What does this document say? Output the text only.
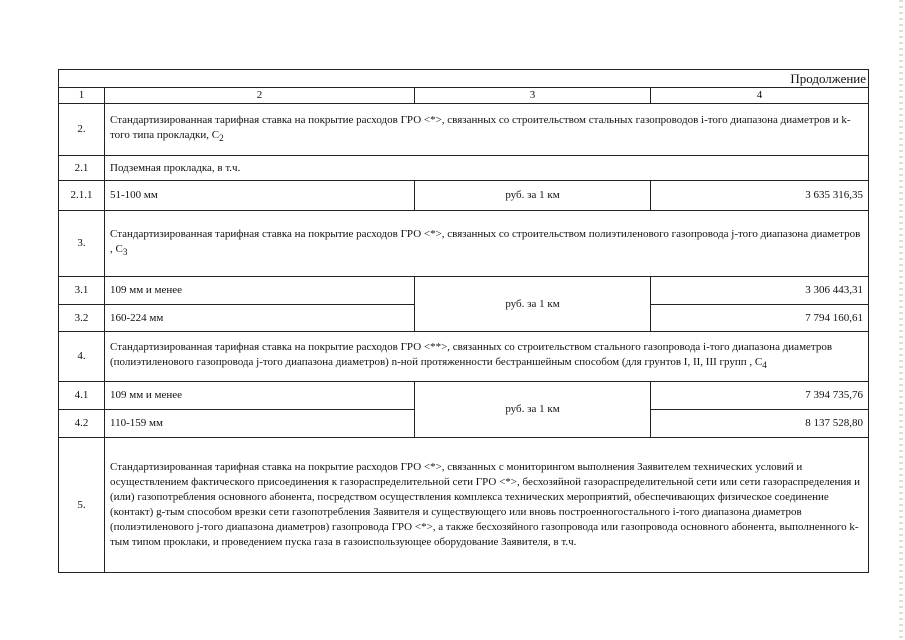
Продолжение			
1	2	3	4
2.	Стандартизированная тарифная ставка на покрытие расходов ГРО <*>, связанных со строительством стальных газопроводов i-того диапазона диаметров и k-того типа прокладки, $C_2$
2.1	Подземная прокладка, в т.ч.		
2.1.1	51-100 мм	руб. за 1 км	3 635 316,35
3.	Стандартизированная тарифная ставка на покрытие расходов ГРО <*>, связанных со строительством полиэтиленового газопровода j-того диапазона диаметров , $C_3$
3.1	109 мм и менее	руб. за 1 км	3 306 443,31
3.2	160-224 мм		7 794 160,61
4.	Стандартизированная тарифная ставка на покрытие расходов ГРО <**>, связанных со строительством стального газопровода i-того диапазона диаметров (полиэтиленового газопровода j-того диапазона диаметров) n-ной протяженности бестраншейным способом (для грунтов I, II, III групп , $C_4$
4.1	109 мм и менее	руб. за 1 км	7 394 735,76
4.2	110-159 мм		8 137 528,80
5.	Стандартизированная тарифная ставка на покрытие расходов ГРО <*>, связанных с мониторингом выполнения Заявителем технических условий и осуществлением фактического присоединения к газораспределительной сети ГРО <*>, бесхозяйной газораспределительной сети или сети газораспределения и (или) газопотребления основного абонента, посредством осуществления комплекса технических мероприятий, обеспечивающих физическое соединение (контакт) g-тым способом врезки сети газопотребления Заявителя и существующего или вновь построенногостального i-того диапазона диаметров (полиэтиленового j-того диапазона диаметров) газопровода ГРО <*>, а также бесхозяйного газопровода или газопровода основного абонента, выполненного k-тым типом проклаки, и проведением пуска газа в газоиспользующее оборудование Заявителя, в т.ч.		
